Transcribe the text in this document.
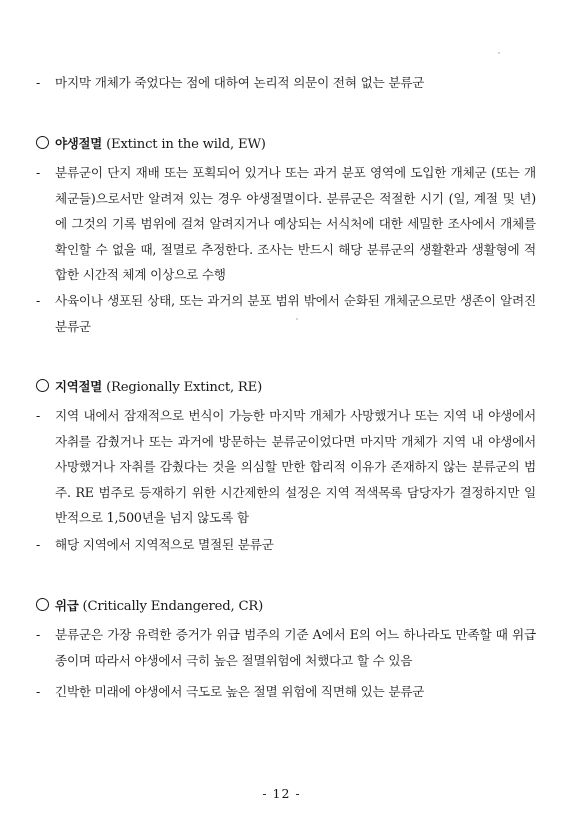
-	마지막 개체가 죽었다는 점에 대하여 논리적 의문이 전혀 없는 분류군
야생절멸 (Extinct in the wild, EW)
-	분류군이 단지 재배 또는 포획되어 있거나 또는 과거 분포 영역에 도입한 개체군 (또는 개체군들)으로서만 알려져 있는 경우 야생절멸이다. 분류군은 적절한 시기 (일, 계절 및 년)에 그것의 기록 범위에 걸쳐 알려지거나 예상되는 서식처에 대한 세밀한 조사에서 개체를 확인할 수 없을 때, 절멸로 추정한다. 조사는 반드시 해당 분류군의 생활환과 생활형에 적합한 시간적 체계 이상으로 수행
-	사육이나 생포된 상태, 또는 과거의 분포 범위 밖에서 순화된 개체군으로만 생존이 알려진 분류군
지역절멸 (Regionally Extinct, RE)
-	지역 내에서 잠재적으로 번식이 가능한 마지막 개체가 사망했거나 또는 지역 내 야생에서 자취를 감췄거나 또는 과거에 방문하는 분류군이었다면 마지막 개체가 지역 내 야생에서 사망했거나 자취를 감췄다는 것을 의심할 만한 합리적 이유가 존재하지 않는 분류군의 범주. RE 범주로 등재하기 위한 시간제한의 설정은 지역 적색목록 담당자가 결정하지만 일반적으로 1,500년을 넘지 않도록 함
-	해당 지역에서 지역적으로 멸절된 분류군
위급 (Critically Endangered, CR)
-	분류군은 가장 유력한 증거가 위급 범주의 기준 A에서 E의 어느 하나라도 만족할 때 위급종이며 따라서 야생에서 극히 높은 절멸위험에 처했다고 할 수 있음
-	긴박한 미래에 야생에서 극도로 높은 절멸 위험에 직면해 있는 분류군
- 12 -
